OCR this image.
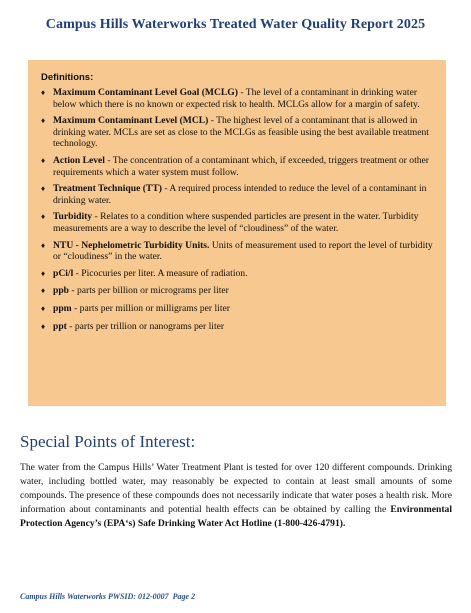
Campus Hills Waterworks Treated Water Quality Report 2025
Definitions:
♦ Maximum Contaminant Level Goal (MCLG) - The level of a contaminant in drinking water below which there is no known or expected risk to health. MCLGs allow for a margin of safety.
♦ Maximum Contaminant Level (MCL) - The highest level of a contaminant that is allowed in drinking water. MCLs are set as close to the MCLGs as feasible using the best available treatment technology.
♦ Action Level - The concentration of a contaminant which, if exceeded, triggers treatment or other requirements which a water system must follow.
♦ Treatment Technique (TT) - A required process intended to reduce the level of a contaminant in drinking water.
♦ Turbidity - Relates to a condition where suspended particles are present in the water. Turbidity measurements are a way to describe the level of “cloudiness” of the water.
♦ NTU - Nephelometric Turbidity Units. Units of measurement used to report the level of turbidity or “cloudiness” in the water.
♦ pCi/l - Picocuries per liter. A measure of radiation.
♦ ppb - parts per billion or micrograms per liter
♦ ppm - parts per million or milligrams per liter
♦ ppt - parts per trillion or nanograms per liter
Special Points of Interest:
The water from the Campus Hills’ Water Treatment Plant is tested for over 120 different compounds. Drinking water, including bottled water, may reasonably be expected to contain at least small amounts of some compounds. The presence of these compounds does not necessarily indicate that water poses a health risk. More information about contaminants and potential health effects can be obtained by calling the Environmental Protection Agency’s (EPA‘s) Safe Drinking Water Act Hotline (1-800-426-4791).
Campus Hills Waterworks PWSID: 012-0007 Page 2
